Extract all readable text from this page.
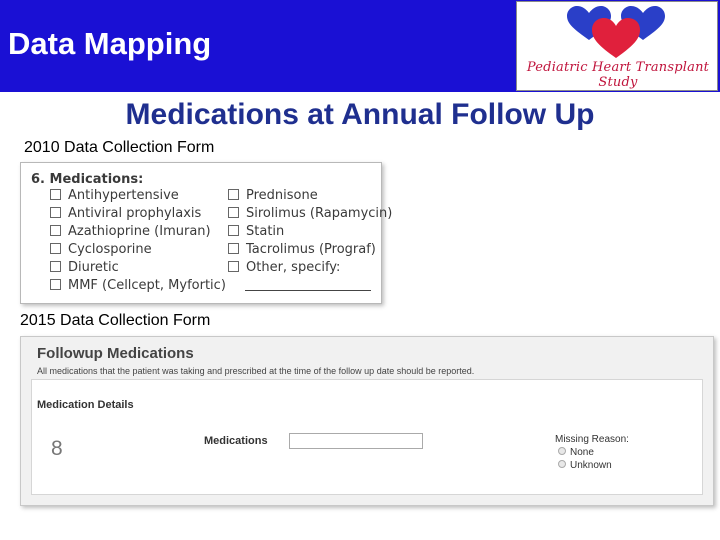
Data Mapping
Pediatric Heart Transplant Study
Medications at Annual Follow Up
2010 Data Collection Form
6. Medications:
Antihypertensive
Antiviral prophylaxis
Azathioprine (Imuran)
Cyclosporine
Diuretic
MMF (Cellcept, Myfortic)
Prednisone
Sirolimus (Rapamycin)
Statin
Tacrolimus (Prograf)
Other, specify:
2015 Data Collection Form
Followup Medications
All medications that the patient was taking and prescribed at the time of the follow up date should be reported.
Medication Details
8	Medications	Missing Reason:
None
Unknown
